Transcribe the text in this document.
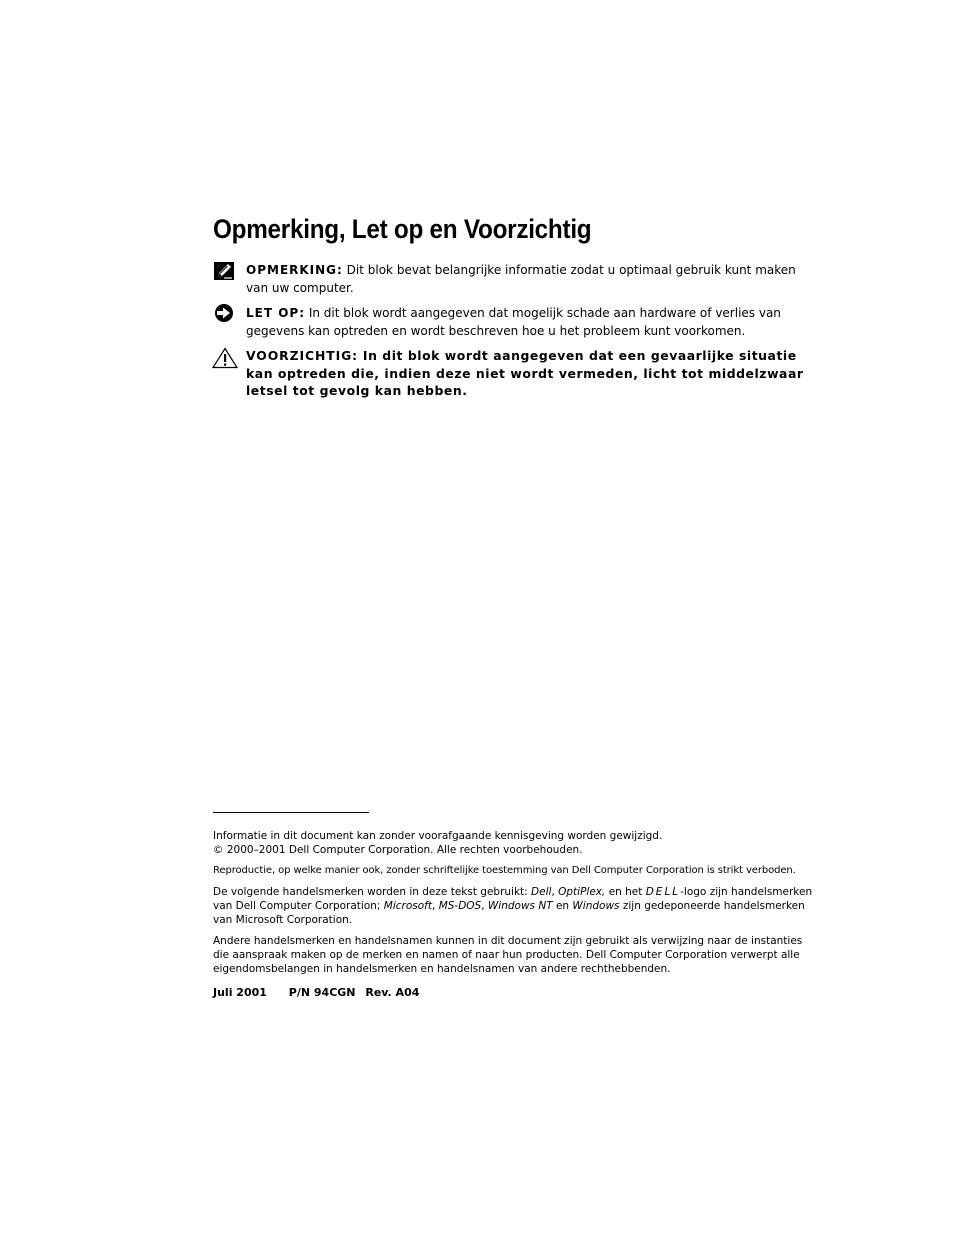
Opmerking, Let op en Voorzichtig
OPMERKING: Dit blok bevat belangrijke informatie zodat u optimaal gebruik kunt maken van uw computer.
LET OP: In dit blok wordt aangegeven dat mogelijk schade aan hardware of verlies van gegevens kan optreden en wordt beschreven hoe u het probleem kunt voorkomen.
VOORZICHTIG: In dit blok wordt aangegeven dat een gevaarlijke situatie kan optreden die, indien deze niet wordt vermeden, licht tot middelzwaar letsel tot gevolg kan hebben.

Informatie in dit document kan zonder voorafgaande kennisgeving worden gewijzigd.
© 2000–2001 Dell Computer Corporation. Alle rechten voorbehouden.

Reproductie, op welke manier ook, zonder schriftelijke toestemming van Dell Computer Corporation is strikt verboden.

De volgende handelsmerken worden in deze tekst gebruikt: Dell, OptiPlex, en het DELL-logo zijn handelsmerken van Dell Computer Corporation; Microsoft, MS-DOS, Windows NT en Windows zijn gedeponeerde handelsmerken van Microsoft Corporation.

Andere handelsmerken en handelsnamen kunnen in dit document zijn gebruikt als verwijzing naar de instanties die aanspraak maken op de merken en namen of naar hun producten. Dell Computer Corporation verwerpt alle eigendomsbelangen in handelsmerken en handelsnamen van andere rechthebbenden.

Juli 2001 P/N 94CGN Rev. A04
